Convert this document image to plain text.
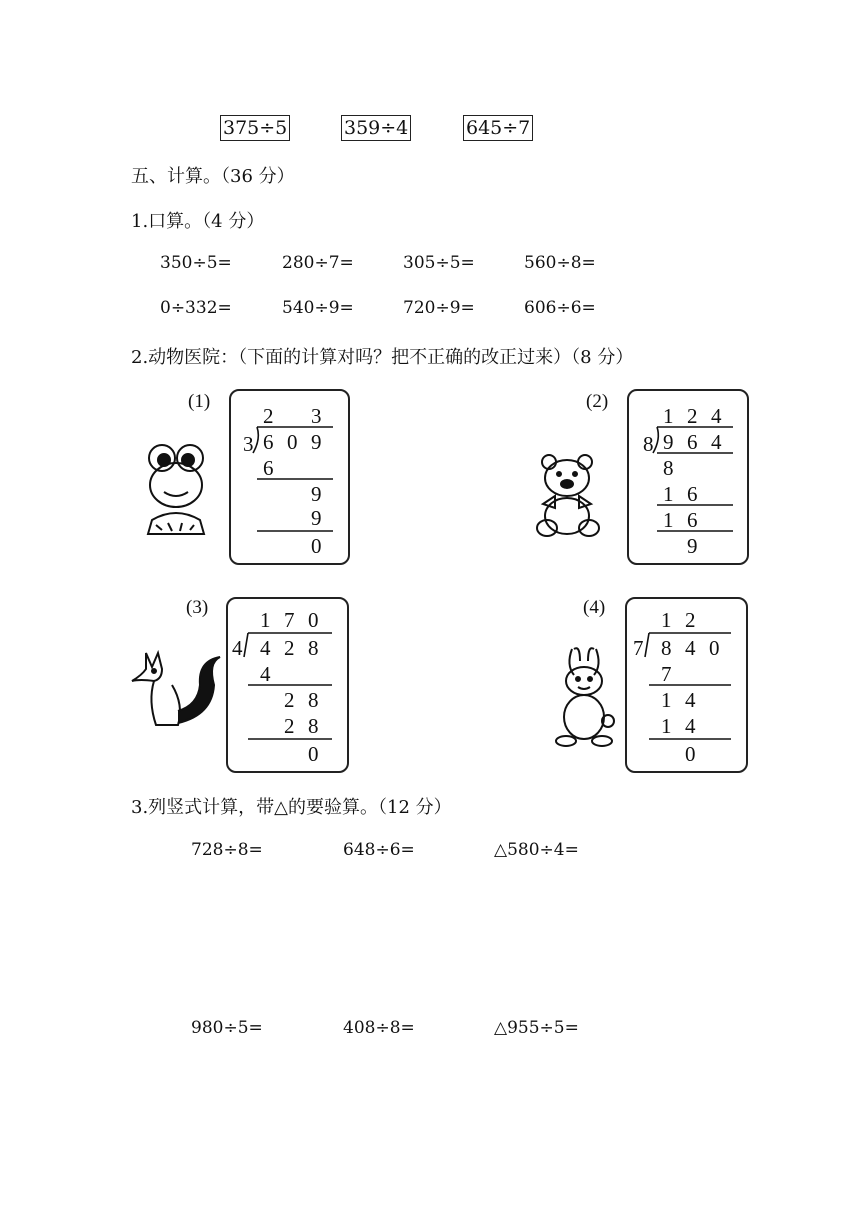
375÷5	359÷4	645÷7
五、计算。（36 分）
1.口算。（4 分）
350÷5=	280÷7=	305÷5=	560÷8=
0÷332=	540÷9=	720÷9=	606÷6=
2.动物医院：（下面的计算对吗？把不正确的改正过来）（8 分）
(1)
3
2 3
6 0 9
6
9
9
0
(2)
8
1 2 4
9 6 4
8
1 6
1 6
9
(3)
4
1 7 0
4 2 8
4
2 8
2 8
0
(4)
7
1 2
8 4 0
7
1 4
1 4
0
3.列竖式计算，带△的要验算。（12 分）
728÷8=	648÷6=	△580÷4=
980÷5=	408÷8=	△955÷5=
